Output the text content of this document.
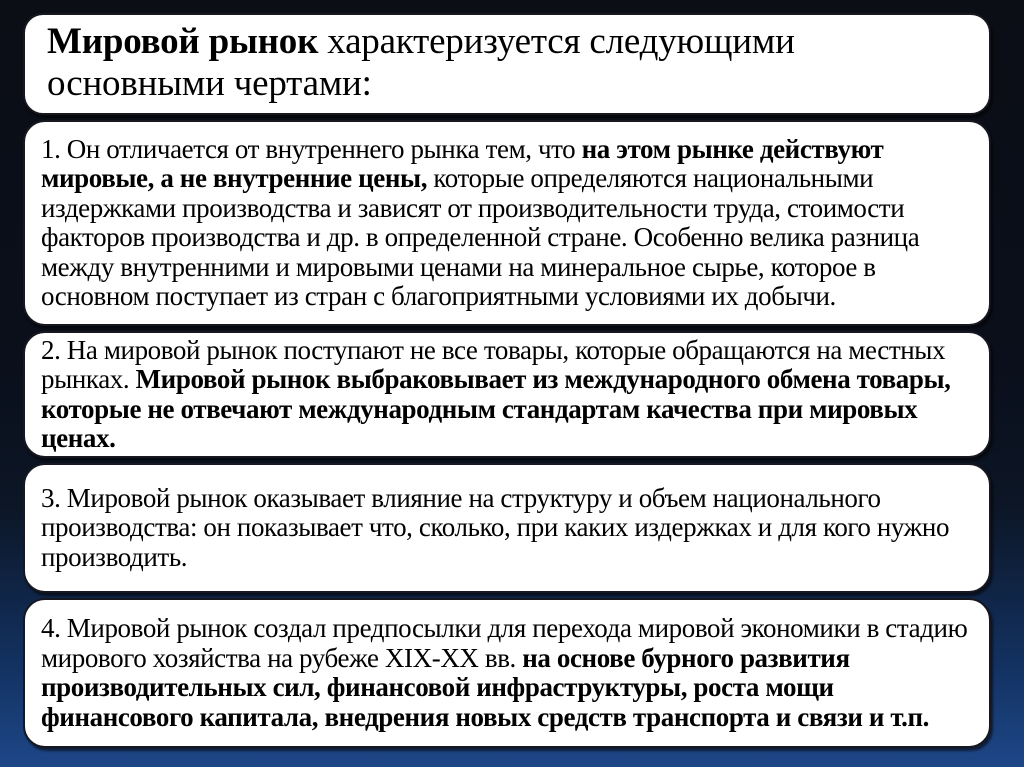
Мировой рынок характеризуется следующими основными чертами:

1. Он отличается от внутреннего рынка тем, что на этом рынке действуют мировые, а не внутренние цены, которые определяются национальными издержками производства и зависят от производительности труда, стоимости факторов производства и др. в определенной стране. Особенно велика разница между внутренними и мировыми ценами на минеральное сырье, которое в основном поступает из стран с благоприятными условиями их добычи.

2. На мировой рынок поступают не все товары, которые обращаются на местных рынках. Мировой рынок выбраковывает из международного обмена товары, которые не отвечают международным стандартам качества при мировых ценах.

3. Мировой рынок оказывает влияние на структуру и объем национального производства: он показывает что, сколько, при каких издержках и для кого нужно производить.

4. Мировой рынок создал предпосылки для перехода мировой экономики в стадию мирового хозяйства на рубеже XIX-XX вв. на основе бурного развития производительных сил, финансовой инфраструктуры, роста мощи финансового капитала, внедрения новых средств транспорта и связи и т.п.
